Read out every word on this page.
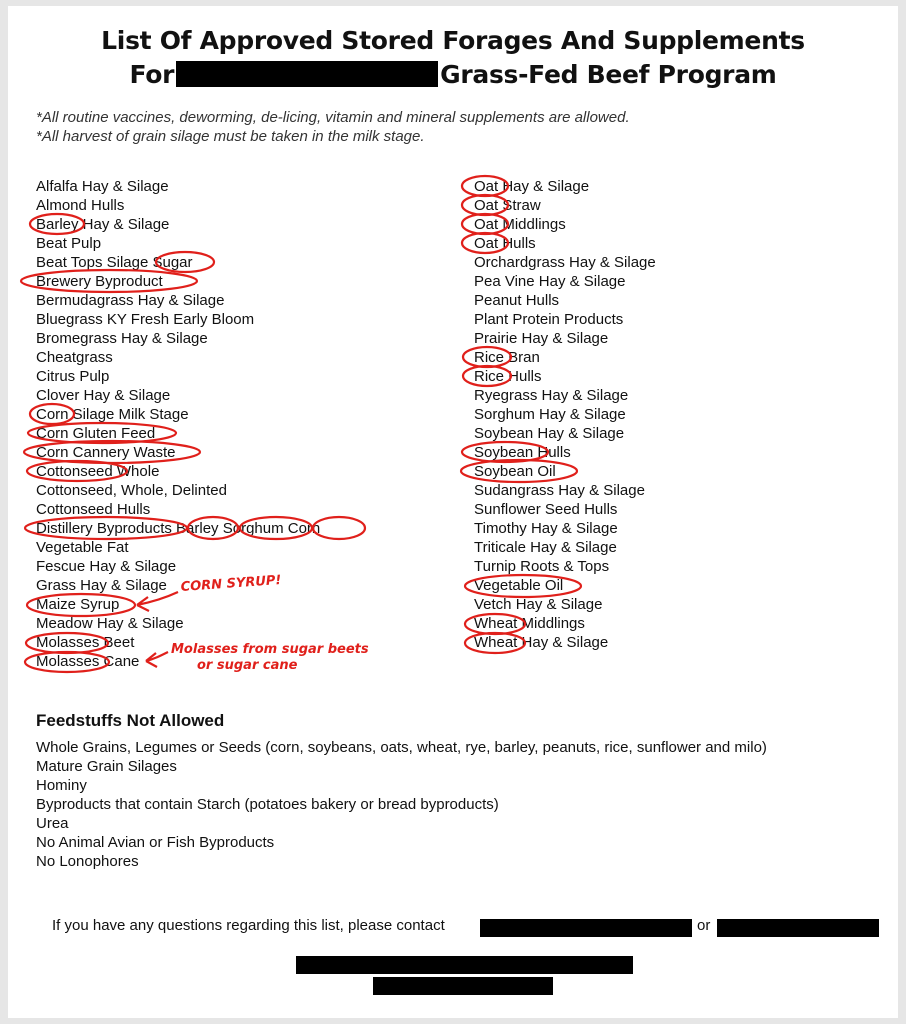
List Of Approved Stored Forages And Supplements
For	Grass-Fed Beef Program
*All routine vaccines, deworming, de-licing, vitamin and mineral supplements are allowed.
*All harvest of grain silage must be taken in the milk stage.
Alfalfa Hay & Silage
Almond Hulls
Barley Hay & Silage
Beat Pulp
Beat Tops Silage Sugar
Brewery Byproduct
Bermudagrass Hay & Silage
Bluegrass KY Fresh Early Bloom
Bromegrass Hay & Silage
Cheatgrass
Citrus Pulp
Clover Hay & Silage
Corn Silage Milk Stage
Corn Gluten Feed
Corn Cannery Waste
Cottonseed Whole
Cottonseed, Whole, Delinted
Cottonseed Hulls
Distillery Byproducts Barley Sorghum Corn
Vegetable Fat
Fescue Hay & Silage
Grass Hay & Silage
Maize Syrup
Meadow Hay & Silage
Molasses Beet
Molasses Cane
Oat Hay & Silage
Oat Straw
Oat Middlings
Oat Hulls
Orchardgrass Hay & Silage
Pea Vine Hay & Silage
Peanut Hulls
Plant Protein Products
Prairie Hay & Silage
Rice Bran
Rice Hulls
Ryegrass Hay & Silage
Sorghum Hay & Silage
Soybean Hay & Silage
Soybean Hulls
Soybean Oil
Sudangrass Hay & Silage
Sunflower Seed Hulls
Timothy Hay & Silage
Triticale Hay & Silage
Turnip Roots & Tops
Vegetable Oil
Vetch Hay & Silage
Wheat Middlings
Wheat Hay & Silage
CORN SYRUP!
Molasses from sugar beets
or sugar cane
Feedstuffs Not Allowed
Whole Grains, Legumes or Seeds (corn, soybeans, oats, wheat, rye, barley, peanuts, rice, sunflower and milo)
Mature Grain Silages
Hominy
Byproducts that contain Starch (potatoes bakery or bread byproducts)
Urea
No Animal Avian or Fish Byproducts
No Lonophores
If you have any questions regarding this list, please contact	or
